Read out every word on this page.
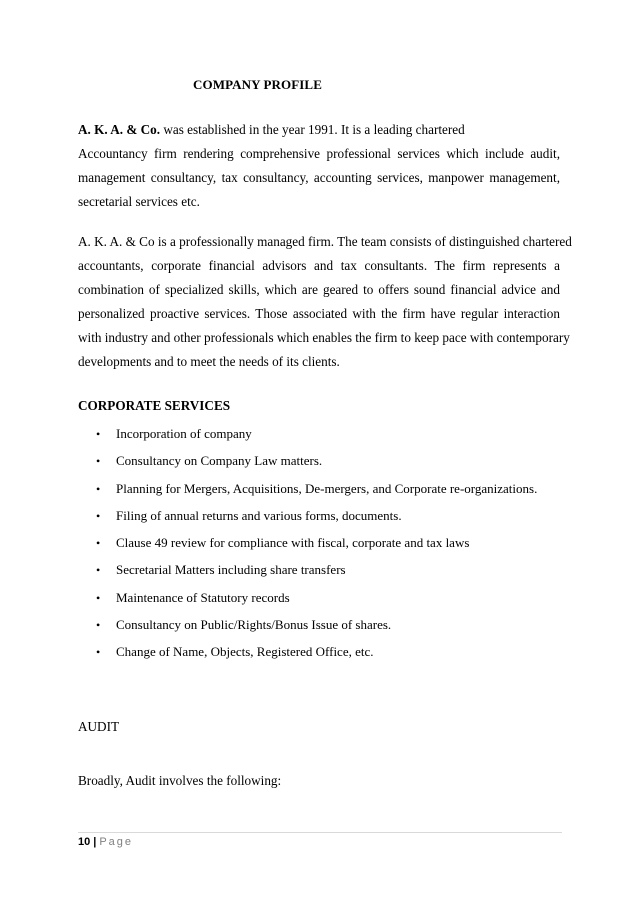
COMPANY PROFILE
A. K. A. & Co. was established in the year 1991. It is a leading chartered
Accountancy firm rendering comprehensive professional services which include audit,
management consultancy, tax consultancy, accounting services, manpower management,
secretarial services etc.
A. K. A. & Co is a professionally managed firm. The team consists of distinguished chartered
accountants, corporate financial advisors and tax consultants. The firm represents a
combination of specialized skills, which are geared to offers sound financial advice and
personalized proactive services. Those associated with the firm have regular interaction
with industry and other professionals which enables the firm to keep pace with contemporary
developments and to meet the needs of its clients.
CORPORATE SERVICES
• Incorporation of company
• Consultancy on Company Law matters.
• Planning for Mergers, Acquisitions, De-mergers, and Corporate re-organizations.
• Filing of annual returns and various forms, documents.
• Clause 49 review for compliance with fiscal, corporate and tax laws
• Secretarial Matters including share transfers
• Maintenance of Statutory records
• Consultancy on Public/Rights/Bonus Issue of shares.
• Change of Name, Objects, Registered Office, etc.
AUDIT
Broadly, Audit involves the following:
10 | Page
